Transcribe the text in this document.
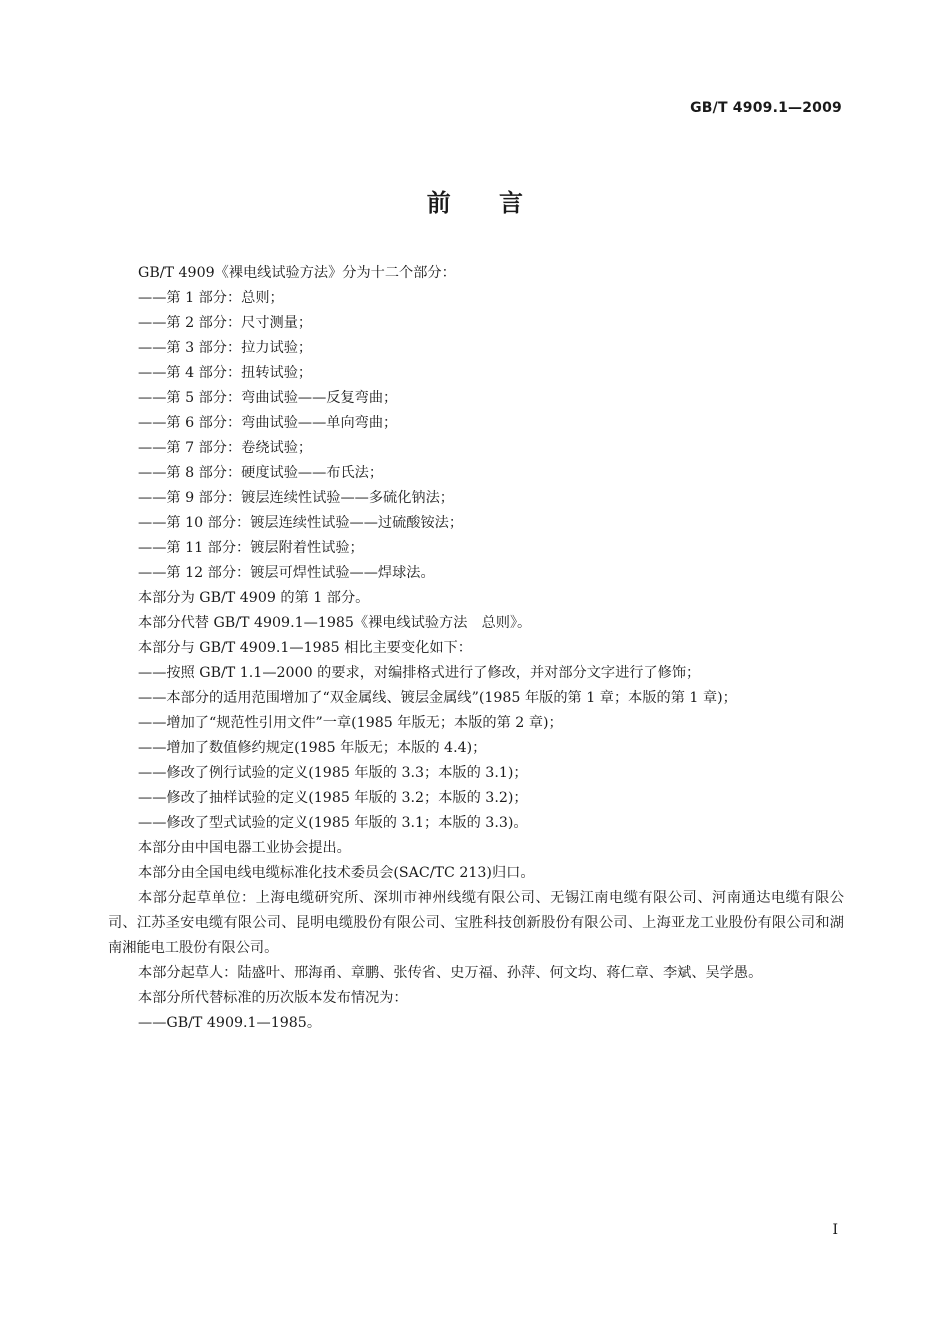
GB/T 4909.1—2009
前 言

GB/T 4909《裸电线试验方法》分为十二个部分：

——第 1 部分：总则；

——第 2 部分：尺寸测量；

——第 3 部分：拉力试验；

——第 4 部分：扭转试验；

——第 5 部分：弯曲试验——反复弯曲；

——第 6 部分：弯曲试验——单向弯曲；

——第 7 部分：卷绕试验；

——第 8 部分：硬度试验——布氏法；

——第 9 部分：镀层连续性试验——多硫化钠法；

——第 10 部分：镀层连续性试验——过硫酸铵法；

——第 11 部分：镀层附着性试验；

——第 12 部分：镀层可焊性试验——焊球法。

本部分为 GB/T 4909 的第 1 部分。

本部分代替 GB/T 4909.1—1985《裸电线试验方法　总则》。

本部分与 GB/T 4909.1—1985 相比主要变化如下：

——按照 GB/T 1.1—2000 的要求，对编排格式进行了修改，并对部分文字进行了修饰；

——本部分的适用范围增加了“双金属线、镀层金属线”(1985 年版的第 1 章；本版的第 1 章)；

——增加了“规范性引用文件”一章(1985 年版无；本版的第 2 章)；

——增加了数值修约规定(1985 年版无；本版的 4.4)；

——修改了例行试验的定义(1985 年版的 3.3；本版的 3.1)；

——修改了抽样试验的定义(1985 年版的 3.2；本版的 3.2)；

——修改了型式试验的定义(1985 年版的 3.1；本版的 3.3)。

本部分由中国电器工业协会提出。

本部分由全国电线电缆标准化技术委员会(SAC/TC 213)归口。

本部分起草单位：上海电缆研究所、深圳市神州线缆有限公司、无锡江南电缆有限公司、河南通达电缆有限公司、江苏圣安电缆有限公司、昆明电缆股份有限公司、宝胜科技创新股份有限公司、上海亚龙工业股份有限公司和湖南湘能电工股份有限公司。

本部分起草人：陆盛叶、邢海甬、章鹏、张传省、史万福、孙萍、何文均、蒋仁章、李斌、吴学愚。

本部分所代替标准的历次版本发布情况为：

——GB/T 4909.1—1985。

I
